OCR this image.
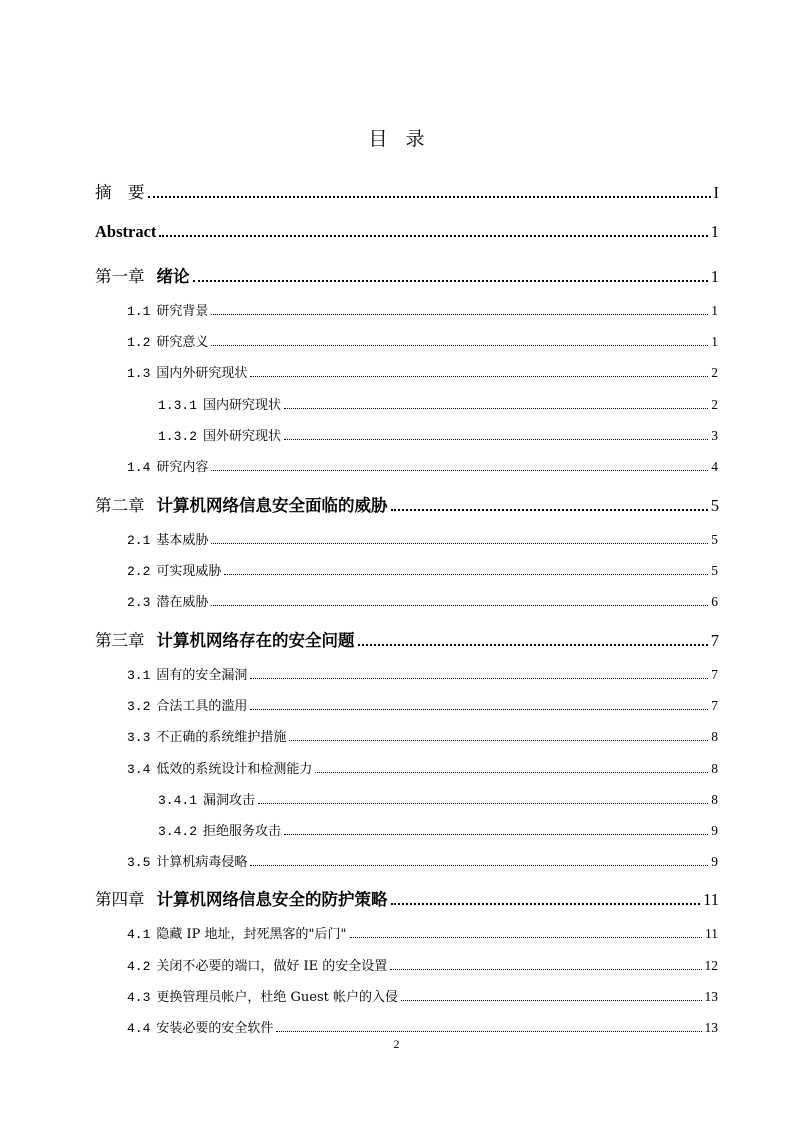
目录
摘　要	I
Abstract	1
第一章 绪论	1
1.1 研究背景	1
1.2 研究意义	1
1.3 国内外研究现状	2
1.3.1 国内研究现状	2
1.3.2 国外研究现状	3
1.4 研究内容	4
第二章 计算机网络信息安全面临的威胁	5
2.1 基本威胁	5
2.2 可实现威胁	5
2.3 潜在威胁	6
第三章 计算机网络存在的安全问题	7
3.1 固有的安全漏洞	7
3.2 合法工具的滥用	7
3.3 不正确的系统维护措施	8
3.4 低效的系统设计和检测能力	8
3.4.1 漏洞攻击	8
3.4.2 拒绝服务攻击	9
3.5 计算机病毒侵略	9
第四章 计算机网络信息安全的防护策略	11
4.1 隐藏 IP 地址，封死黑客的"后门"	11
4.2 关闭不必要的端口，做好 IE 的安全设置	12
4.3 更换管理员帐户，杜绝 Guest 帐户的入侵	13
4.4 安装必要的安全软件	13
2
